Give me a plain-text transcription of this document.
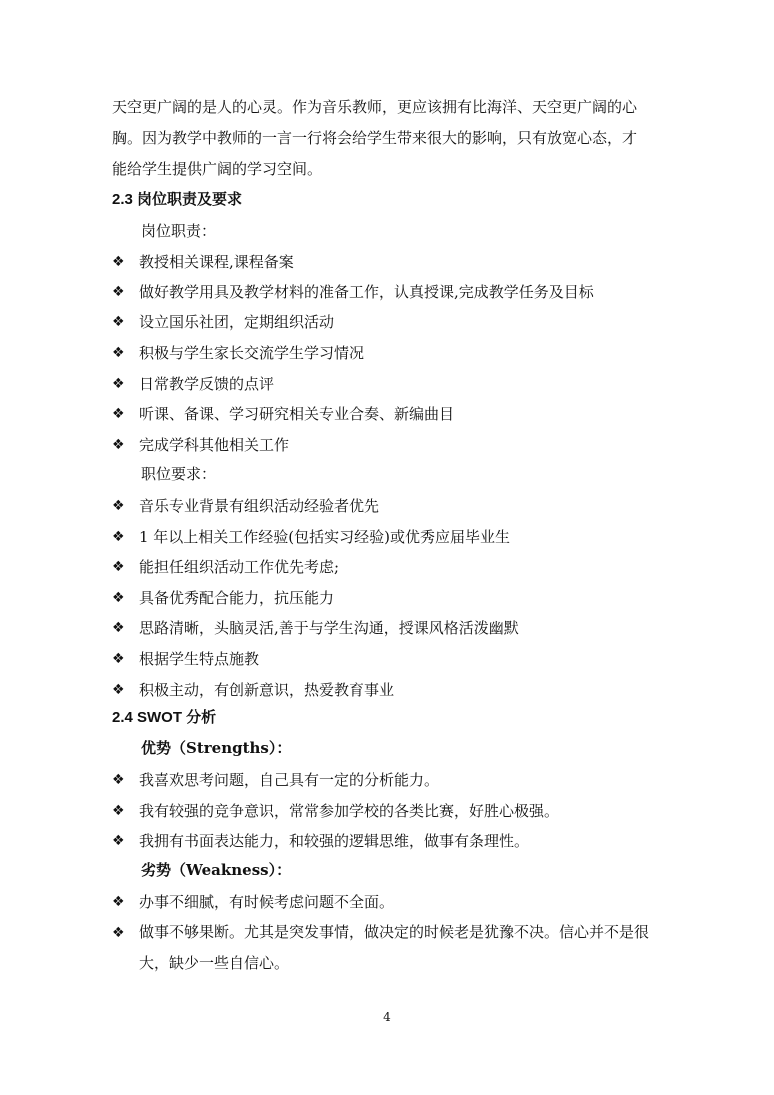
天空更广阔的是人的心灵。作为音乐教师，更应该拥有比海洋、天空更广阔的心
胸。因为教学中教师的一言一行将会给学生带来很大的影响，只有放宽心态，才
能给学生提供广阔的学习空间。
2.3 岗位职责及要求
岗位职责：
❖ 教授相关课程,课程备案
❖ 做好教学用具及教学材料的准备工作，认真授课,完成教学任务及目标
❖ 设立国乐社团，定期组织活动
❖ 积极与学生家长交流学生学习情况
❖ 日常教学反馈的点评
❖ 听课、备课、学习研究相关专业合奏、新编曲目
❖ 完成学科其他相关工作
职位要求：
❖ 音乐专业背景有组织活动经验者优先
❖ 1 年以上相关工作经验(包括实习经验)或优秀应届毕业生
❖ 能担任组织活动工作优先考虑;
❖ 具备优秀配合能力，抗压能力
❖ 思路清晰，头脑灵活,善于与学生沟通，授课风格活泼幽默
❖ 根据学生特点施教
❖ 积极主动，有创新意识，热爱教育事业
2.4 SWOT 分析
优势（Strengths）：
❖ 我喜欢思考问题，自己具有一定的分析能力。
❖ 我有较强的竞争意识，常常参加学校的各类比赛，好胜心极强。
❖ 我拥有书面表达能力，和较强的逻辑思维，做事有条理性。
劣势（Weakness）：
❖ 办事不细腻，有时候考虑问题不全面。
❖ 做事不够果断。尤其是突发事情，做决定的时候老是犹豫不决。信心并不是很
大，缺少一些自信心。
4
